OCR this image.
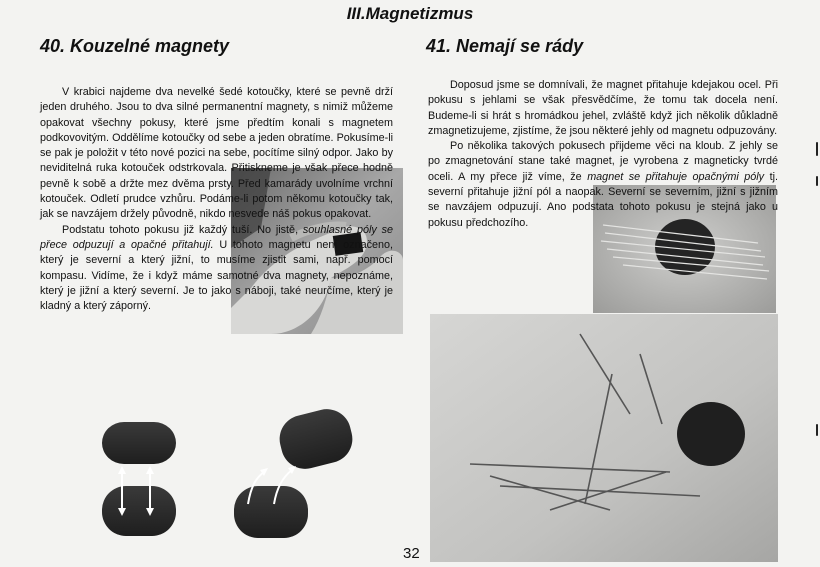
III.Magnetizmus
40. Kouzelné magnety

V krabici najdeme dva nevelké šedé kotoučky, které se pevně drží jeden druhého. Jsou to dva silné permanentní magnety, s nimiž můžeme opakovat všechny pokusy, které jsme předtím konali s magnetem podkovovitým. Oddělíme kotoučky od sebe a jeden obratíme. Pokusíme-li se pak je položit v této nové pozici na sebe, pocítíme silný odpor. Jako by neviditelná ruka kotouček odstrkovala. Přitiskneme je však přece hodně pevně k sobě a držte mez dvěma prsty. Před kamarády uvolníme vrchní kotouček. Odletí prudce vzhůru. Podáme-li potom někomu kotoučky tak, jak se navzájem držely původně, nikdo nesvede náš pokus opakovat.

Podstatu tohoto pokusu již každý tuší. No jistě, souhlasné póly se přece odpuzují a opačné přitahují. U tohoto magnetu není označeno, který je severní a který jižní, to musíme zjistit sami, např. pomocí kompasu. Vidíme, že i když máme samotné dva magnety, nepoznáme, který je jižní a který severní. Je to jako s náboji, také neurčíme, který je kladný a který záporný.

41. Nemají se rády

Doposud jsme se domnívali, že magnet přitahuje kdejakou ocel. Při pokusu s jehlami se však přesvědčíme, že tomu tak docela není. Budeme-li si hrát s hromádkou jehel, zvláště když jich několik důkladně zmagnetizujeme, zjistíme, že jsou některé jehly od magnetu odpuzovány.

Po několika takových pokusech přijdeme věci na kloub. Z jehly se po zmagnetování stane také magnet, je vyrobena z magneticky tvrdé oceli. A my přece již víme, že magnet se přitahuje opačnými póly tj. severní přitahuje jižní pól a naopak. Severní se severním, jižní s jižním se navzájem odpuzují. Ano podstata tohoto pokusu je stejná jako u pokusu předchozího.

32
